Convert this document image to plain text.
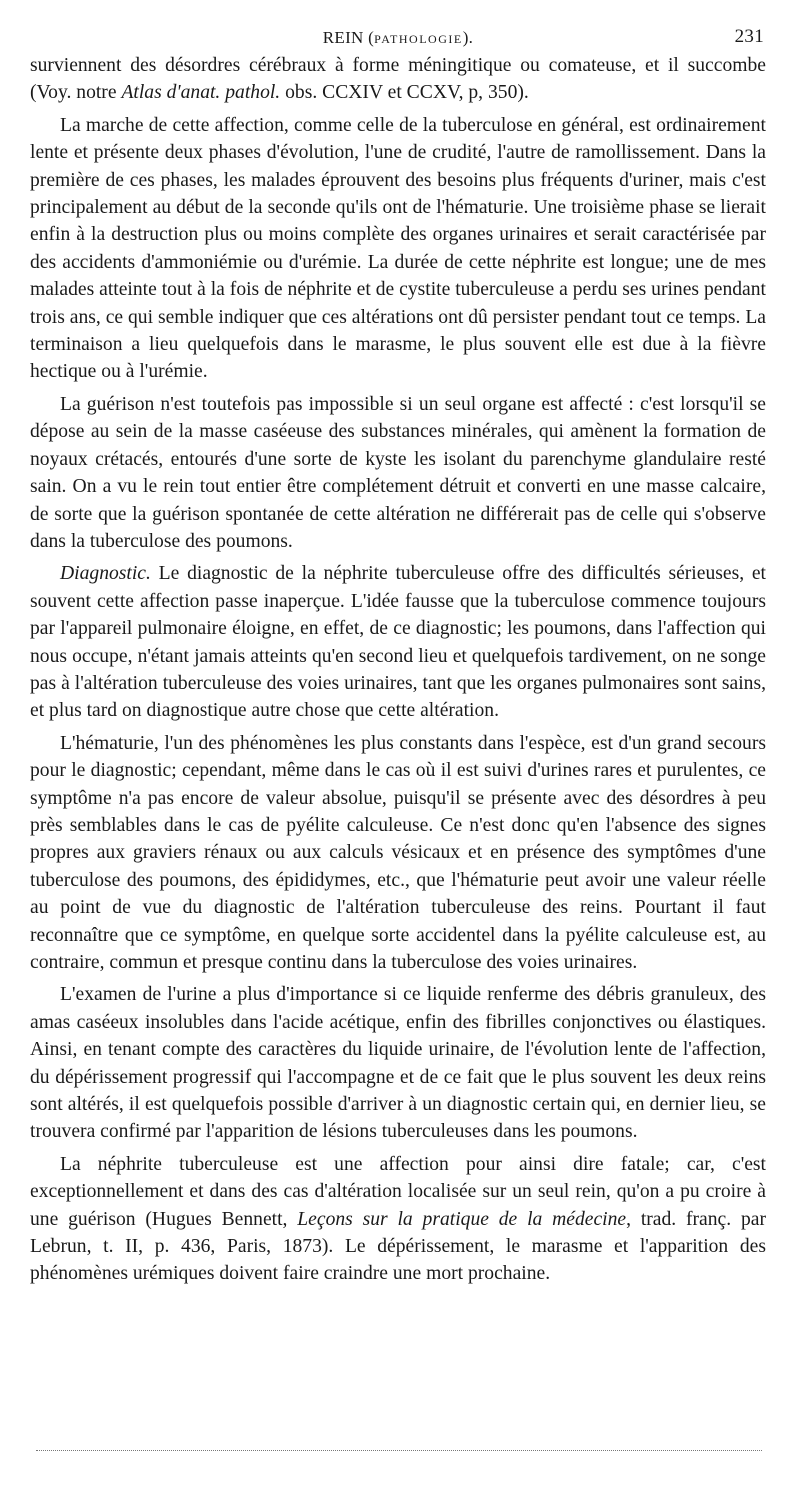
REIN (PATHOLOGIE).	231

surviennent des désordres cérébraux à forme méningitique ou comateuse, et il succombe (Voy. notre Atlas d'anat. pathol. obs. CCXIV et CCXV, p, 350).

La marche de cette affection, comme celle de la tuberculose en général, est ordinairement lente et présente deux phases d'évolution, l'une de crudité, l'autre de ramollissement. Dans la première de ces phases, les malades éprouvent des besoins plus fréquents d'uriner, mais c'est principalement au début de la seconde qu'ils ont de l'hématurie. Une troisième phase se lierait enfin à la destruction plus ou moins complète des organes urinaires et serait caractérisée par des accidents d'ammoniémie ou d'urémie. La durée de cette néphrite est longue; une de mes malades atteinte tout à la fois de néphrite et de cystite tuberculeuse a perdu ses urines pendant trois ans, ce qui semble indiquer que ces altérations ont dû persister pendant tout ce temps. La terminaison a lieu quelquefois dans le marasme, le plus souvent elle est due à la fièvre hectique ou à l'urémie.

La guérison n'est toutefois pas impossible si un seul organe est affecté : c'est lorsqu'il se dépose au sein de la masse caséeuse des substances minérales, qui amènent la formation de noyaux crétacés, entourés d'une sorte de kyste les isolant du parenchyme glandulaire resté sain. On a vu le rein tout entier être complétement détruit et converti en une masse calcaire, de sorte que la guérison spontanée de cette altération ne différerait pas de celle qui s'observe dans la tuberculose des poumons.

Diagnostic. Le diagnostic de la néphrite tuberculeuse offre des difficultés sérieuses, et souvent cette affection passe inaperçue. L'idée fausse que la tuberculose commence toujours par l'appareil pulmonaire éloigne, en effet, de ce diagnostic; les poumons, dans l'affection qui nous occupe, n'étant jamais atteints qu'en second lieu et quelquefois tardivement, on ne songe pas à l'altération tuberculeuse des voies urinaires, tant que les organes pulmonaires sont sains, et plus tard on diagnostique autre chose que cette altération.

L'hématurie, l'un des phénomènes les plus constants dans l'espèce, est d'un grand secours pour le diagnostic; cependant, même dans le cas où il est suivi d'urines rares et purulentes, ce symptôme n'a pas encore de valeur absolue, puisqu'il se présente avec des désordres à peu près semblables dans le cas de pyélite calculeuse. Ce n'est donc qu'en l'absence des signes propres aux graviers rénaux ou aux calculs vésicaux et en présence des symptômes d'une tuberculose des poumons, des épididymes, etc., que l'hématurie peut avoir une valeur réelle au point de vue du diagnostic de l'altération tuberculeuse des reins. Pourtant il faut reconnaître que ce symptôme, en quelque sorte accidentel dans la pyélite calculeuse est, au contraire, commun et presque continu dans la tuberculose des voies urinaires.

L'examen de l'urine a plus d'importance si ce liquide renferme des débris granuleux, des amas caséeux insolubles dans l'acide acétique, enfin des fibrilles conjonctives ou élastiques. Ainsi, en tenant compte des caractères du liquide urinaire, de l'évolution lente de l'affection, du dépérissement progressif qui l'accompagne et de ce fait que le plus souvent les deux reins sont altérés, il est quelquefois possible d'arriver à un diagnostic certain qui, en dernier lieu, se trouvera confirmé par l'apparition de lésions tuberculeuses dans les poumons.

La néphrite tuberculeuse est une affection pour ainsi dire fatale; car, c'est exceptionnellement et dans des cas d'altération localisée sur un seul rein, qu'on a pu croire à une guérison (Hugues Bennett, Leçons sur la pratique de la médecine, trad. franç. par Lebrun, t. II, p. 436, Paris, 1873). Le dépérissement, le marasme et l'apparition des phénomènes urémiques doivent faire craindre une mort prochaine.
